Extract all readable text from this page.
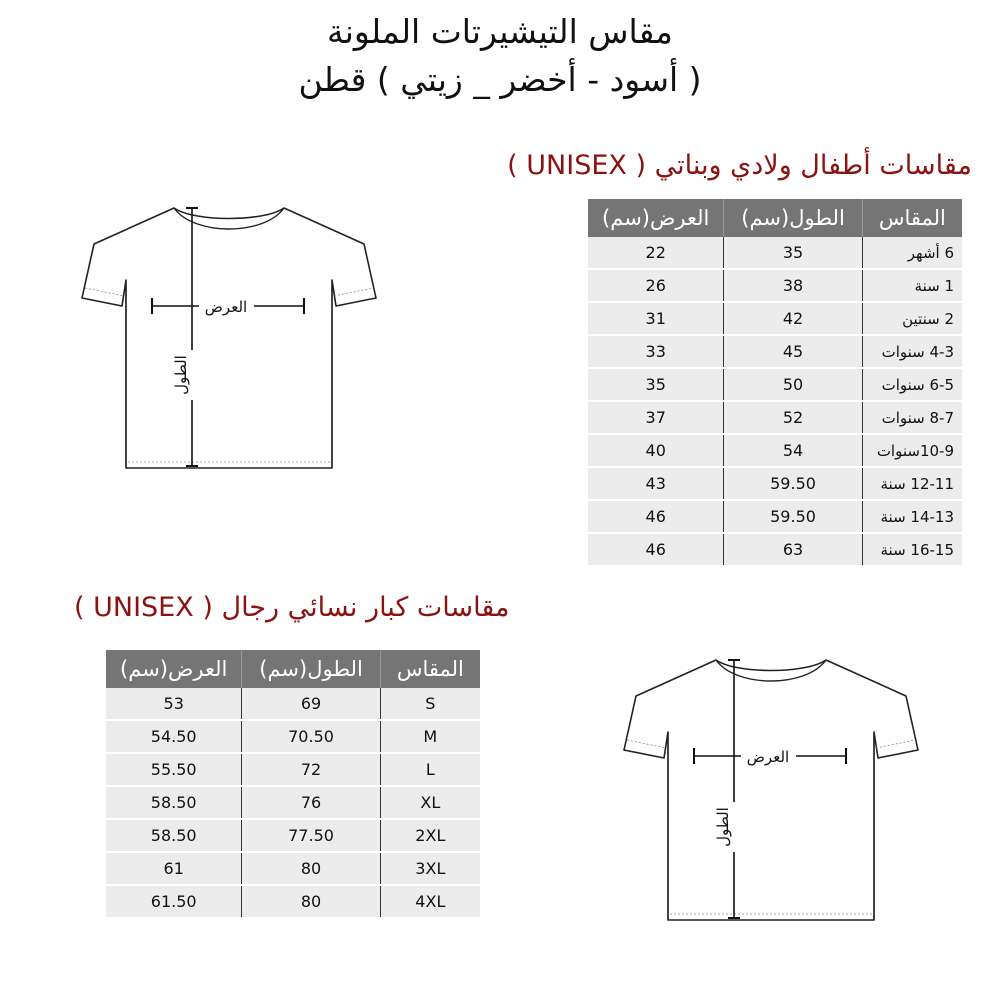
مقاس التيشيرتات الملونة
( أسود - أخضر _ زيتي ) قطن
مقاسات أطفال ولادي وبناتي ( UNISEX )
العرض(سم)	الطول(سم)	المقاس
22	35	6 أشهر
26	38	1 سنة
31	42	2 سنتين
33	45	4-3 سنوات
35	50	6-5 سنوات
37	52	8-7 سنوات
40	54	10-9سنوات
43	59.50	12-11 سنة
46	59.50	14-13 سنة
46	63	16-15 سنة
مقاسات كبار نسائي رجال ( UNISEX )
العرض(سم)	الطول(سم)	المقاس
53	69	S
54.50	70.50	M
55.50	72	L
58.50	76	XL
58.50	77.50	2XL
61	80	3XL
61.50	80	4XL
العرض
الطول
العرض
الطول
